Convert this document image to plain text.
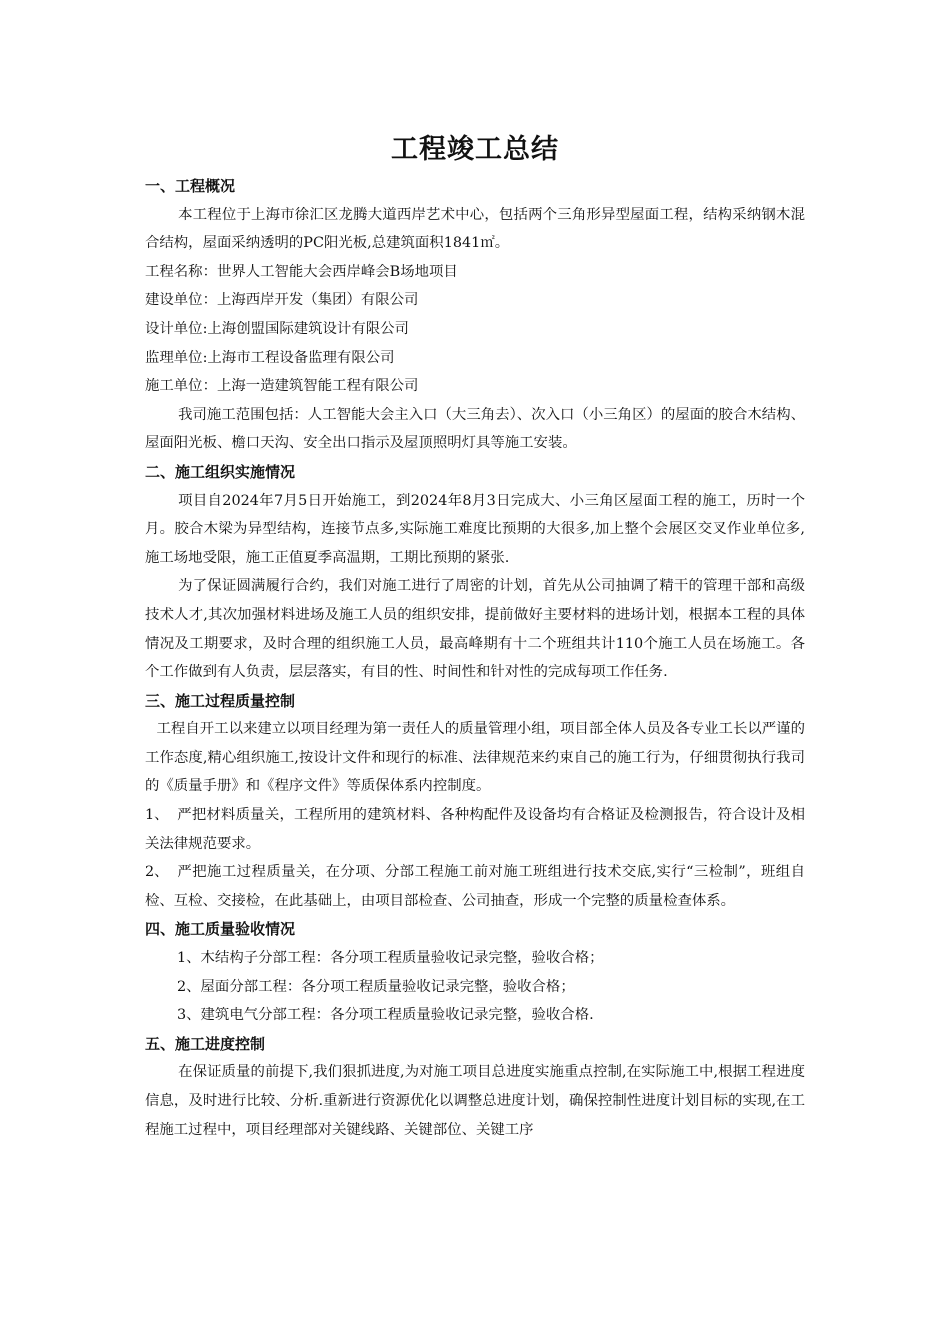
工程竣工总结

一、工程概况

本工程位于上海市徐汇区龙腾大道西岸艺术中心，包括两个三角形异型屋面工程，结构采纳钢木混合结构，屋面采纳透明的PC阳光板,总建筑面积1841㎡。

工程名称：世界人工智能大会西岸峰会B场地项目

建设单位：上海西岸开发（集团）有限公司

设计单位:上海创盟国际建筑设计有限公司

监理单位:上海市工程设备监理有限公司

施工单位：上海一造建筑智能工程有限公司

我司施工范围包括：人工智能大会主入口（大三角去）、次入口（小三角区）的屋面的胶合木结构、屋面阳光板、檐口天沟、安全出口指示及屋顶照明灯具等施工安装。

二、施工组织实施情况

项目自2024年7月5日开始施工，到2024年8月3日完成大、小三角区屋面工程的施工，历时一个月。胶合木梁为异型结构，连接节点多,实际施工难度比预期的大很多,加上整个会展区交叉作业单位多,施工场地受限，施工正值夏季高温期，工期比预期的紧张.

为了保证圆满履行合约，我们对施工进行了周密的计划，首先从公司抽调了精干的管理干部和高级技术人才,其次加强材料进场及施工人员的组织安排，提前做好主要材料的进场计划，根据本工程的具体情况及工期要求，及时合理的组织施工人员，最高峰期有十二个班组共计110个施工人员在场施工。各个工作做到有人负责，层层落实，有目的性、时间性和针对性的完成每项工作任务.

三、施工过程质量控制

工程自开工以来建立以项目经理为第一责任人的质量管理小组，项目部全体人员及各专业工长以严谨的工作态度,精心组织施工,按设计文件和现行的标准、法律规范来约束自己的施工行为，仔细贯彻执行我司的《质量手册》和《程序文件》等质保体系内控制度。

1、 严把材料质量关，工程所用的建筑材料、各种构配件及设备均有合格证及检测报告，符合设计及相关法律规范要求。

2、 严把施工过程质量关，在分项、分部工程施工前对施工班组进行技术交底,实行“三检制”，班组自检、互检、交接检，在此基础上，由项目部检查、公司抽查，形成一个完整的质量检查体系。

四、施工质量验收情况

1、木结构子分部工程：各分项工程质量验收记录完整，验收合格；

2、屋面分部工程：各分项工程质量验收记录完整，验收合格；

3、建筑电气分部工程：各分项工程质量验收记录完整，验收合格.

五、施工进度控制

在保证质量的前提下,我们狠抓进度,为对施工项目总进度实施重点控制,在实际施工中,根据工程进度信息，及时进行比较、分析.重新进行资源优化以调整总进度计划，确保控制性进度计划目标的实现,在工程施工过程中，项目经理部对关键线路、关键部位、关键工序
